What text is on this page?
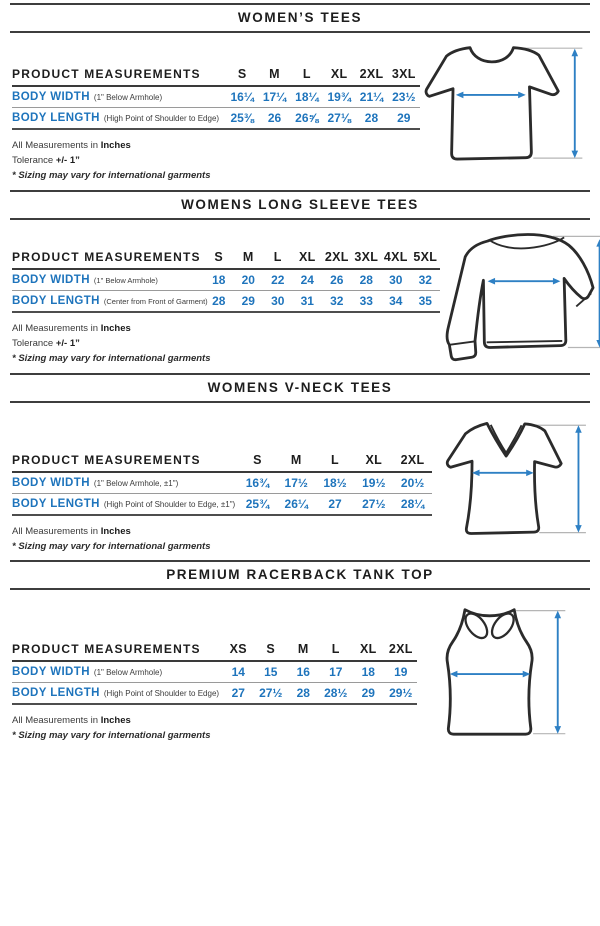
WOMEN’S TEES
PRODUCT MEASUREMENTS	S	M	L	XL 2XL 3XL
BODY WIDTH (1" Below Armhole)	16¼ 17¼ 18¼ 19¾ 21¼ 23½
BODY LENGTH (High Point of Shoulder to Edge) 25⅜	26	26⅝ 27⅛	28	29
All Measurements in Inches
Tolerance +/- 1”
* Sizing may vary for international garments
WOMENS LONG SLEEVE TEES
PRODUCT MEASUREMENTS	S	M	L	XL 2XL 3XL 4XL 5XL
BODY WIDTH (1" Below Armhole)	18	20	22	24	26	28	30	32
BODY LENGTH (Center from Front of Garment) 28	29	30	31	32	33	34	35
All Measurements in Inches
Tolerance +/- 1”
* Sizing may vary for international garments
WOMENS V-NECK TEES
PRODUCT MEASUREMENTS	S	M	L	XL	2XL
BODY WIDTH (1" Below Armhole, ±1")	16¾	17½	18½	19½	20½
BODY LENGTH (High Point of Shoulder to Edge, ±1") 25¾	26¼	27	27½	28¼
All Measurements in Inches
* Sizing may vary for international garments
PREMIUM RACERBACK TANK TOP
PRODUCT MEASUREMENTS	XS	S	M	L	XL 2XL
BODY WIDTH (1" Below Armhole)	14	15	16	17	18	19
BODY LENGTH (High Point of Shoulder to Edge)	27	27½	28	28½	29	29½
All Measurements in Inches
* Sizing may vary for international garments
